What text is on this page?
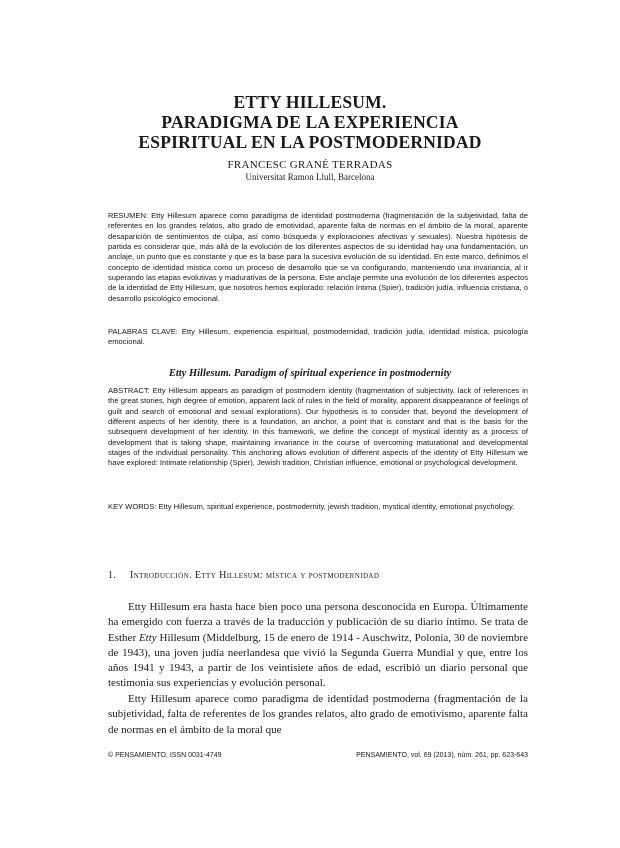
ETTY HILLESUM.
PARADIGMA DE LA EXPERIENCIA
ESPIRITUAL EN LA POSTMODERNIDAD
FRANCESC GRANÉ TERRADAS
Universitat Ramon Llull, Barcelona

RESUMEN: Etty Hillesum aparece como paradigma de identidad postmoderna (fragmentación de la subjetividad, falta de referentes en los grandes relatos, alto grado de emotividad, aparente falta de normas en el ámbito de la moral, aparente desaparición de sentimientos de culpa, así como búsqueda y exploraciones afectivas y sexuales). Nuestra hipótesis de partida es considerar que, más allá de la evolución de los diferentes aspectos de su identidad hay una fundamentación, un anclaje, un punto que es constante y que es la base para la sucesiva evolución de su identidad. En este marco, definimos el concepto de identidad mística como un proceso de desarrollo que se va configurando, manteniendo una invariancia, al ir superando las etapas evolutivas y maduratívas de la persona. Este anclaje permite una evolución de los diferentes aspectos de la identidad de Etty Hillesum, que nosotros hemos explorado: relación íntima (Spier), tradición judía, influencia cristiana, o desarrollo psicológico emocional.

PALABRAS CLAVE: Etty Hillesum, experiencia espiritual, postmodernidad, tradición judía, identidad mística, psicología emocional.

Etty Hillesum. Paradigm of spiritual experience in postmodernity

ABSTRACT: Etty Hillesum appears as paradigm of postmodern identity (fragmentation of subjectivity, lack of references in the great stories, high degree of emotion, apparent lack of rules in the field of morality, apparent disappearance of feelings of guilt and search of emotional and sexual explorations). Our hypothesis is to consider that, beyond the development of different aspects of her identity, there is a foundation, an anchor, a point that is constant and that is the basis for the subsequent development of her identity. In this framework, we define the concept of mystical identity as a process of development that is taking shape, maintaining invariance in the course of overcoming maturational and developmental stages of the individual personality. This anchoring allows evolution of different aspects of the identity of Etty Hillesum we have explored: Intimate relationship (Spier), Jewish tradition, Christian influence, emotional or psychological development.

KEY WORDS: Etty Hillesum, spiritual experience, postmodernity, jewish tradition, mystical identity, emotional psychology.

1. Introducción. Etty Hillesum: mística y postmodernidad

Etty Hillesum era hasta hace bien poco una persona desconocida en Europa. Últimamente ha emergido con fuerza a través de la traducción y publicación de su diario íntimo. Se trata de Esther Etty Hillesum (Middelburg, 15 de enero de 1914 - Auschwitz, Polonia, 30 de noviembre de 1943), una joven judía neerlandesa que vivió la Segunda Guerra Mundial y que, entre los años 1941 y 1943, a partir de los veintisiete años de edad, escribió un diario personal que testimonia sus experiencias y evolución personal.

Etty Hillesum aparece como paradigma de identidad postmoderna (fragmentación de la subjetividad, falta de referentes de los grandes relatos, alto grado de emotivismo, aparente falta de normas en el ámbito de la moral que

© PENSAMIENTO, ISSN 0031-4749	PENSAMIENTO, vol. 69 (2013), núm. 261, pp. 623-643
